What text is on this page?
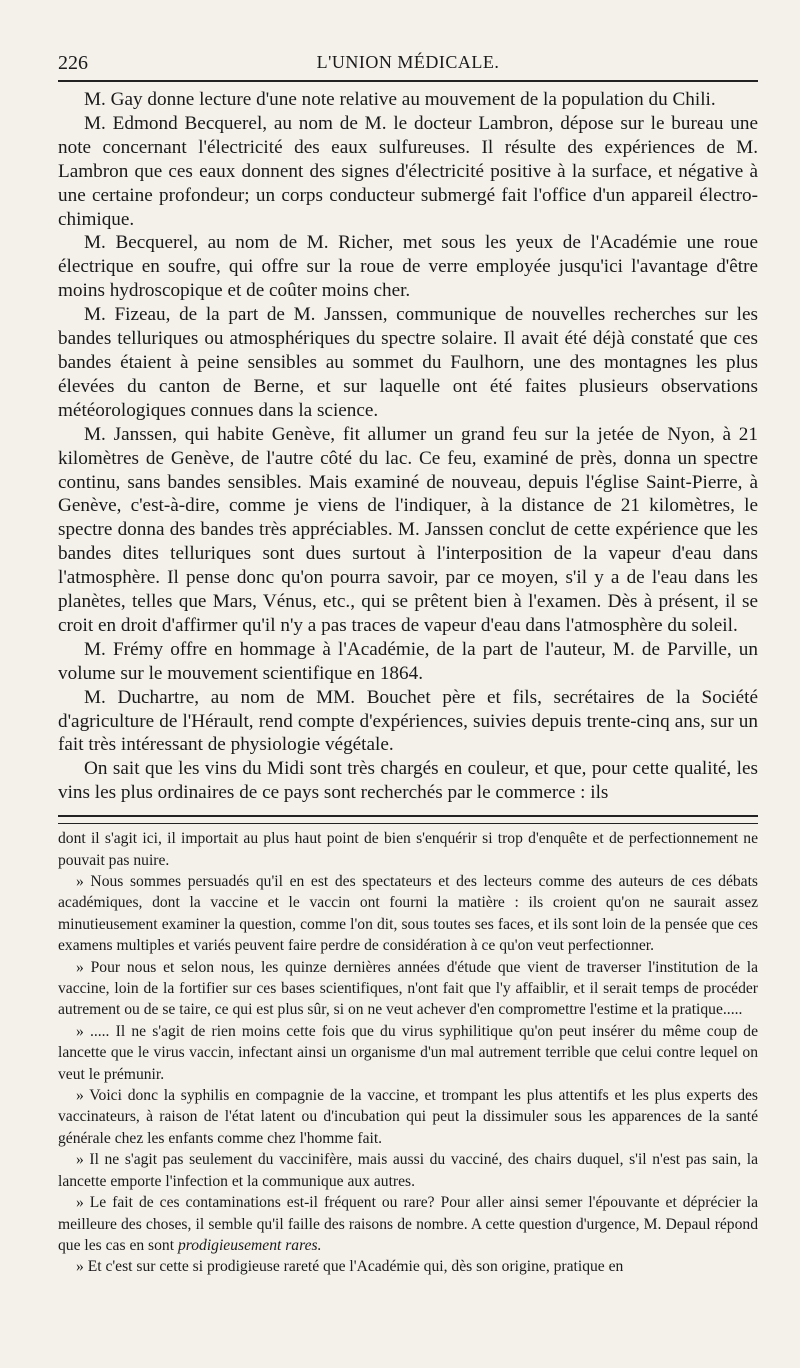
226	L'UNION MÉDICALE.

M. Gay donne lecture d'une note relative au mouvement de la population du Chili.

M. Edmond Becquerel, au nom de M. le docteur Lambron, dépose sur le bureau une note concernant l'électricité des eaux sulfureuses. Il résulte des expériences de M. Lambron que ces eaux donnent des signes d'électricité positive à la surface, et négative à une certaine profondeur; un corps conducteur submergé fait l'office d'un appareil électro-chimique.

M. Becquerel, au nom de M. Richer, met sous les yeux de l'Académie une roue électrique en soufre, qui offre sur la roue de verre employée jusqu'ici l'avantage d'être moins hydroscopique et de coûter moins cher.

M. Fizeau, de la part de M. Janssen, communique de nouvelles recherches sur les bandes telluriques ou atmosphériques du spectre solaire. Il avait été déjà constaté que ces bandes étaient à peine sensibles au sommet du Faulhorn, une des montagnes les plus élevées du canton de Berne, et sur laquelle ont été faites plusieurs observations météorologiques connues dans la science.

M. Janssen, qui habite Genève, fit allumer un grand feu sur la jetée de Nyon, à 21 kilomètres de Genève, de l'autre côté du lac. Ce feu, examiné de près, donna un spectre continu, sans bandes sensibles. Mais examiné de nouveau, depuis l'église Saint-Pierre, à Genève, c'est-à-dire, comme je viens de l'indiquer, à la distance de 21 kilomètres, le spectre donna des bandes très appréciables. M. Janssen conclut de cette expérience que les bandes dites telluriques sont dues surtout à l'interposition de la vapeur d'eau dans l'atmosphère. Il pense donc qu'on pourra savoir, par ce moyen, s'il y a de l'eau dans les planètes, telles que Mars, Vénus, etc., qui se prêtent bien à l'examen. Dès à présent, il se croit en droit d'affirmer qu'il n'y a pas traces de vapeur d'eau dans l'atmosphère du soleil.

M. Frémy offre en hommage à l'Académie, de la part de l'auteur, M. de Parville, un volume sur le mouvement scientifique en 1864.

M. Duchartre, au nom de MM. Bouchet père et fils, secrétaires de la Société d'agriculture de l'Hérault, rend compte d'expériences, suivies depuis trente-cinq ans, sur un fait très intéressant de physiologie végétale.

On sait que les vins du Midi sont très chargés en couleur, et que, pour cette qualité, les vins les plus ordinaires de ce pays sont recherchés par le commerce : ils

dont il s'agit ici, il importait au plus haut point de bien s'enquérir si trop d'enquête et de perfectionnement ne pouvait pas nuire.

» Nous sommes persuadés qu'il en est des spectateurs et des lecteurs comme des auteurs de ces débats académiques, dont la vaccine et le vaccin ont fourni la matière : ils croient qu'on ne saurait assez minutieusement examiner la question, comme l'on dit, sous toutes ses faces, et ils sont loin de la pensée que ces examens multiples et variés peuvent faire perdre de considération à ce qu'on veut perfectionner.

» Pour nous et selon nous, les quinze dernières années d'étude que vient de traverser l'institution de la vaccine, loin de la fortifier sur ces bases scientifiques, n'ont fait que l'y affaiblir, et il serait temps de procéder autrement ou de se taire, ce qui est plus sûr, si on ne veut achever d'en compromettre l'estime et la pratique.....

» ..... Il ne s'agit de rien moins cette fois que du virus syphilitique qu'on peut insérer du même coup de lancette que le virus vaccin, infectant ainsi un organisme d'un mal autrement terrible que celui contre lequel on veut le prémunir.

» Voici donc la syphilis en compagnie de la vaccine, et trompant les plus attentifs et les plus experts des vaccinateurs, à raison de l'état latent ou d'incubation qui peut la dissimuler sous les apparences de la santé générale chez les enfants comme chez l'homme fait.

» Il ne s'agit pas seulement du vaccinifère, mais aussi du vacciné, des chairs duquel, s'il n'est pas sain, la lancette emporte l'infection et la communique aux autres.

» Le fait de ces contaminations est-il fréquent ou rare? Pour aller ainsi semer l'épouvante et déprécier la meilleure des choses, il semble qu'il faille des raisons de nombre. A cette question d'urgence, M. Depaul répond que les cas en sont prodigieusement rares.

» Et c'est sur cette si prodigieuse rareté que l'Académie qui, dès son origine, pratique en
